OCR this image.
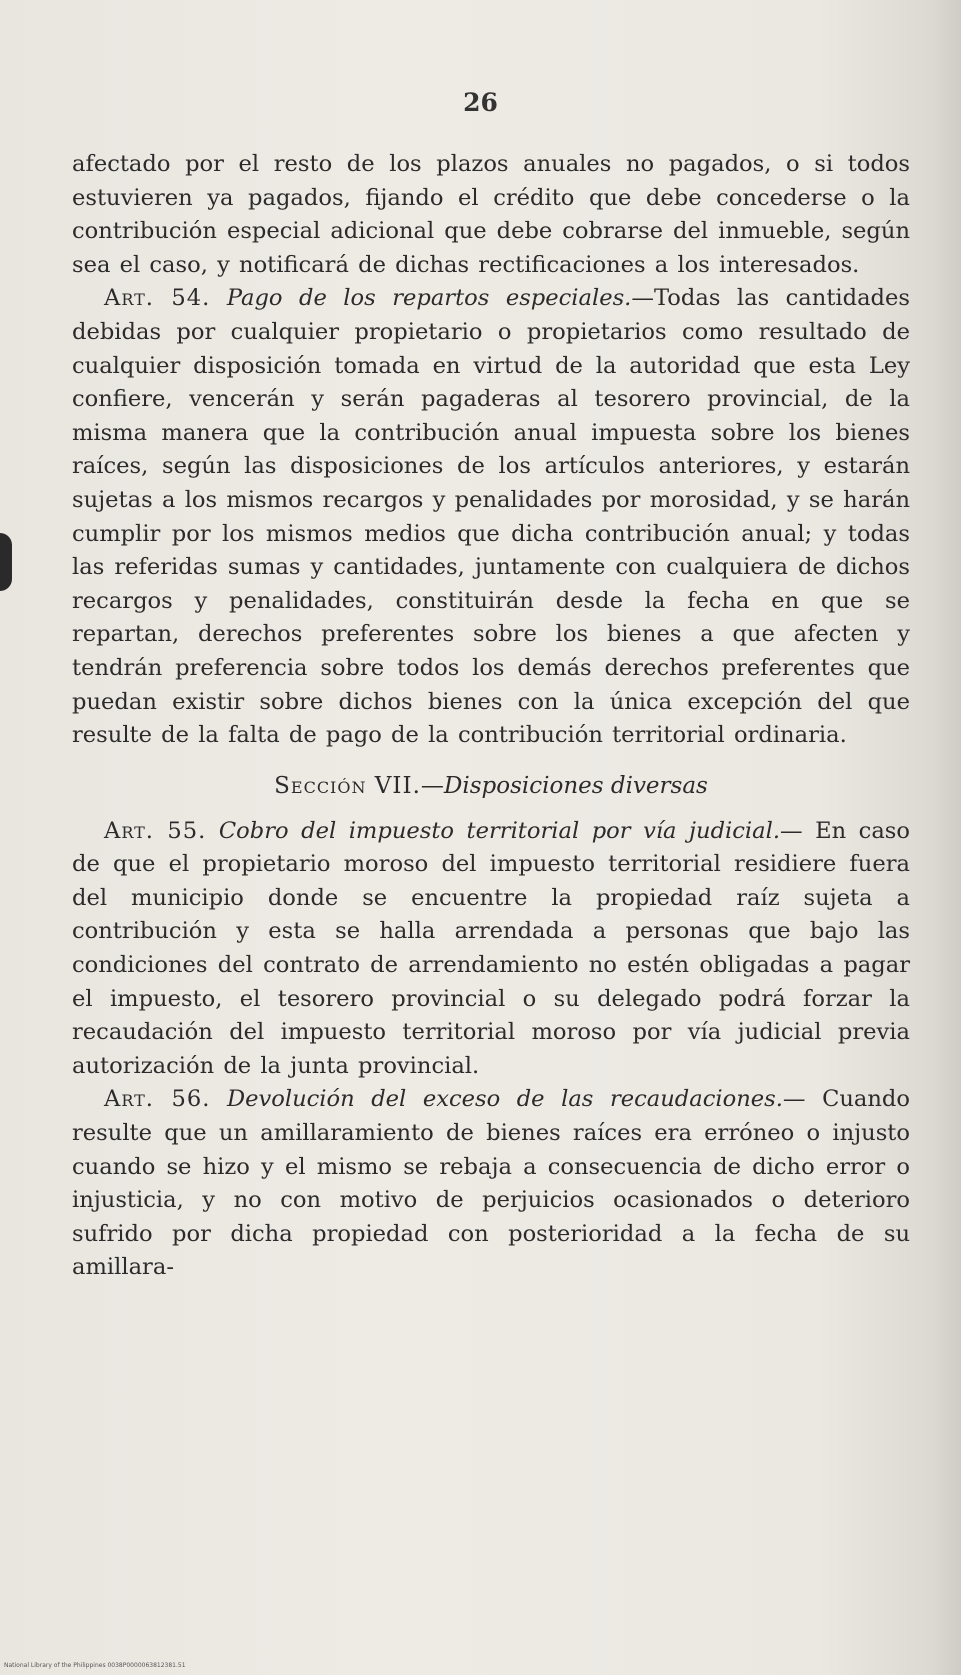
26

afectado por el resto de los plazos anuales no pagados, o si todos estuvieren ya pagados, fijando el crédito que debe concederse o la contribución especial adicional que debe cobrarse del inmueble, según sea el caso, y notificará de dichas rectificaciones a los interesados.

Art. 54. Pago de los repartos especiales.—Todas las cantidades debidas por cualquier propietario o propietarios como resultado de cualquier disposición tomada en virtud de la autoridad que esta Ley confiere, vencerán y serán pagaderas al tesorero provincial, de la misma manera que la contribución anual impuesta sobre los bienes raíces, según las disposiciones de los artículos anteriores, y estarán sujetas a los mismos recargos y penalidades por morosidad, y se harán cumplir por los mismos medios que dicha contribución anual; y todas las referidas sumas y cantidades, juntamente con cualquiera de dichos recargos y penalidades, constituirán desde la fecha en que se repartan, derechos preferentes sobre los bienes a que afecten y tendrán preferencia sobre todos los demás derechos preferentes que puedan existir sobre dichos bienes con la única excepción del que resulte de la falta de pago de la contribución territorial ordinaria.

Sección VII.—Disposiciones diversas

Art. 55. Cobro del impuesto territorial por vía judicial.— En caso de que el propietario moroso del impuesto territorial residiere fuera del municipio donde se encuentre la propiedad raíz sujeta a contribución y esta se halla arrendada a personas que bajo las condiciones del contrato de arrendamiento no estén obligadas a pagar el impuesto, el tesorero provincial o su delegado podrá forzar la recaudación del impuesto territorial moroso por vía judicial previa autorización de la junta provincial.

Art. 56. Devolución del exceso de las recaudaciones.— Cuando resulte que un amillaramiento de bienes raíces era erróneo o injusto cuando se hizo y el mismo se rebaja a consecuencia de dicho error o injusticia, y no con motivo de perjuicios ocasionados o deterioro sufrido por dicha propiedad con posterioridad a la fecha de su amillara-

National Library of the Philippines 0038P0000063812381.51
